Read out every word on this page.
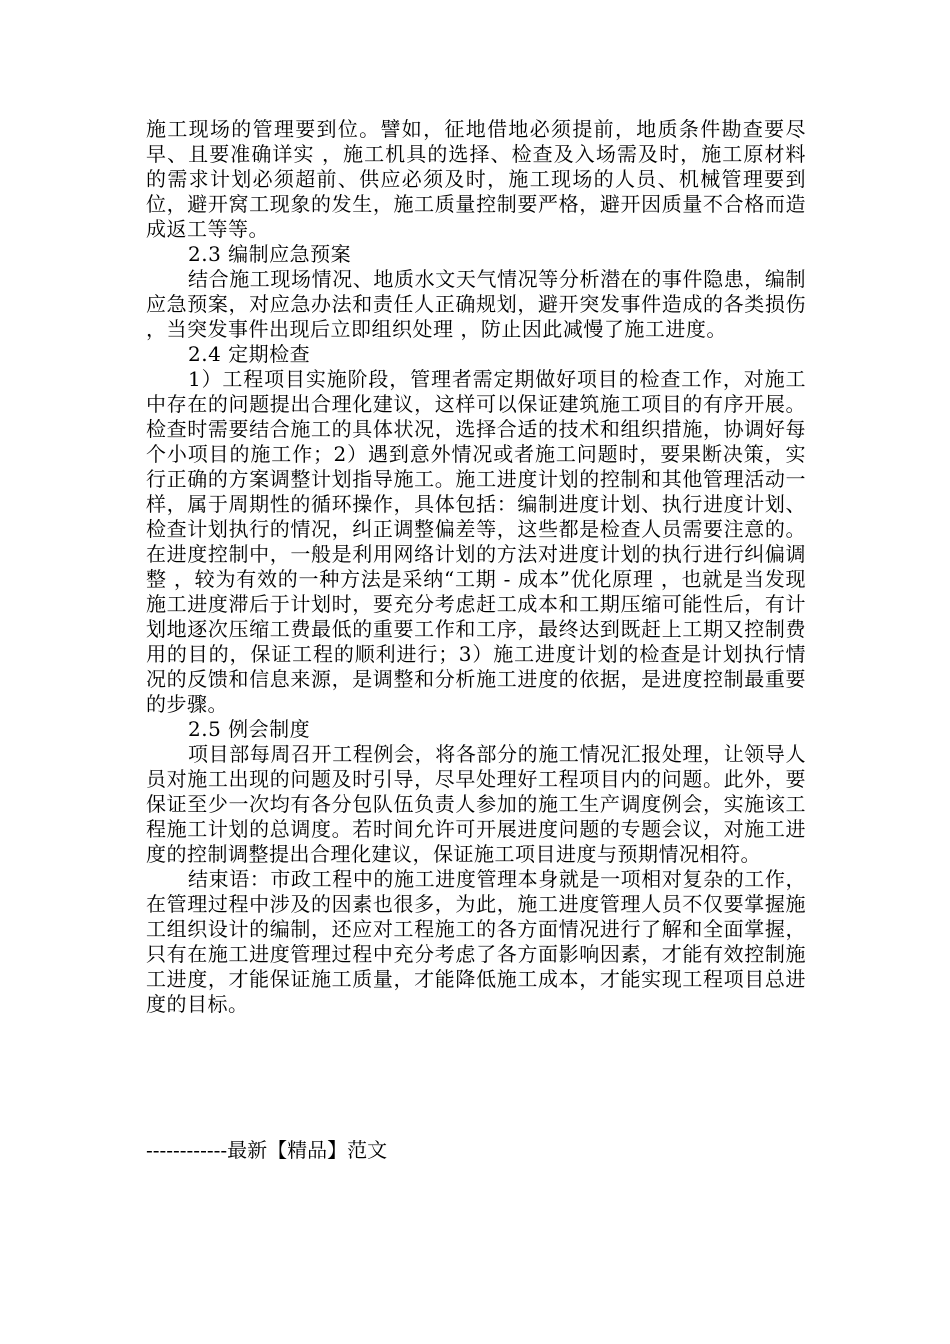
施工现场的管理要到位。譬如，征地借地必须提前，地质条件勘查要尽早、且要准确详实 ，施工机具的选择、检查及入场需及时，施工原材料的需求计划必须超前、供应必须及时，施工现场的人员、机械管理要到位，避开窝工现象的发生，施工质量控制要严格，避开因质量不合格而造成返工等等。

2.3 编制应急预案

结合施工现场情况、地质水文天气情况等分析潜在的事件隐患，编制应急预案，对应急办法和责任人正确规划，避开突发事件造成的各类损伤 ，当突发事件出现后立即组织处理 ，防止因此减慢了施工进度。

2.4 定期检查

1）工程项目实施阶段，管理者需定期做好项目的检查工作，对施工中存在的问题提出合理化建议，这样可以保证建筑施工项目的有序开展。检查时需要结合施工的具体状况，选择合适的技术和组织措施，协调好每个小项目的施工作；2）遇到意外情况或者施工问题时，要果断决策，实行正确的方案调整计划指导施工。施工进度计划的控制和其他管理活动一样，属于周期性的循环操作，具体包括：编制进度计划、执行进度计划、检查计划执行的情况，纠正调整偏差等，这些都是检查人员需要注意的。在进度控制中，一般是利用网络计划的方法对进度计划的执行进行纠偏调整 ，较为有效的一种方法是采纳“工期 - 成本”优化原理 ，也就是当发现施工进度滞后于计划时，要充分考虑赶工成本和工期压缩可能性后，有计划地逐次压缩工费最低的重要工作和工序，最终达到既赶上工期又控制费用的目的，保证工程的顺利进行；3）施工进度计划的检查是计划执行情况的反馈和信息来源，是调整和分析施工进度的依据，是进度控制最重要的步骤。

2.5 例会制度

项目部每周召开工程例会，将各部分的施工情况汇报处理，让领导人员对施工出现的问题及时引导，尽早处理好工程项目内的问题。此外，要保证至少一次均有各分包队伍负责人参加的施工生产调度例会，实施该工程施工计划的总调度。若时间允许可开展进度问题的专题会议，对施工进度的控制调整提出合理化建议，保证施工项目进度与预期情况相符。

结束语：市政工程中的施工进度管理本身就是一项相对复杂的工作，在管理过程中涉及的因素也很多，为此，施工进度管理人员不仅要掌握施工组织设计的编制，还应对工程施工的各方面情况进行了解和全面掌握，只有在施工进度管理过程中充分考虑了各方面影响因素，才能有效控制施工进度，才能保证施工质量，才能降低施工成本，才能实现工程项目总进度的目标。

------------最新【精品】范文
